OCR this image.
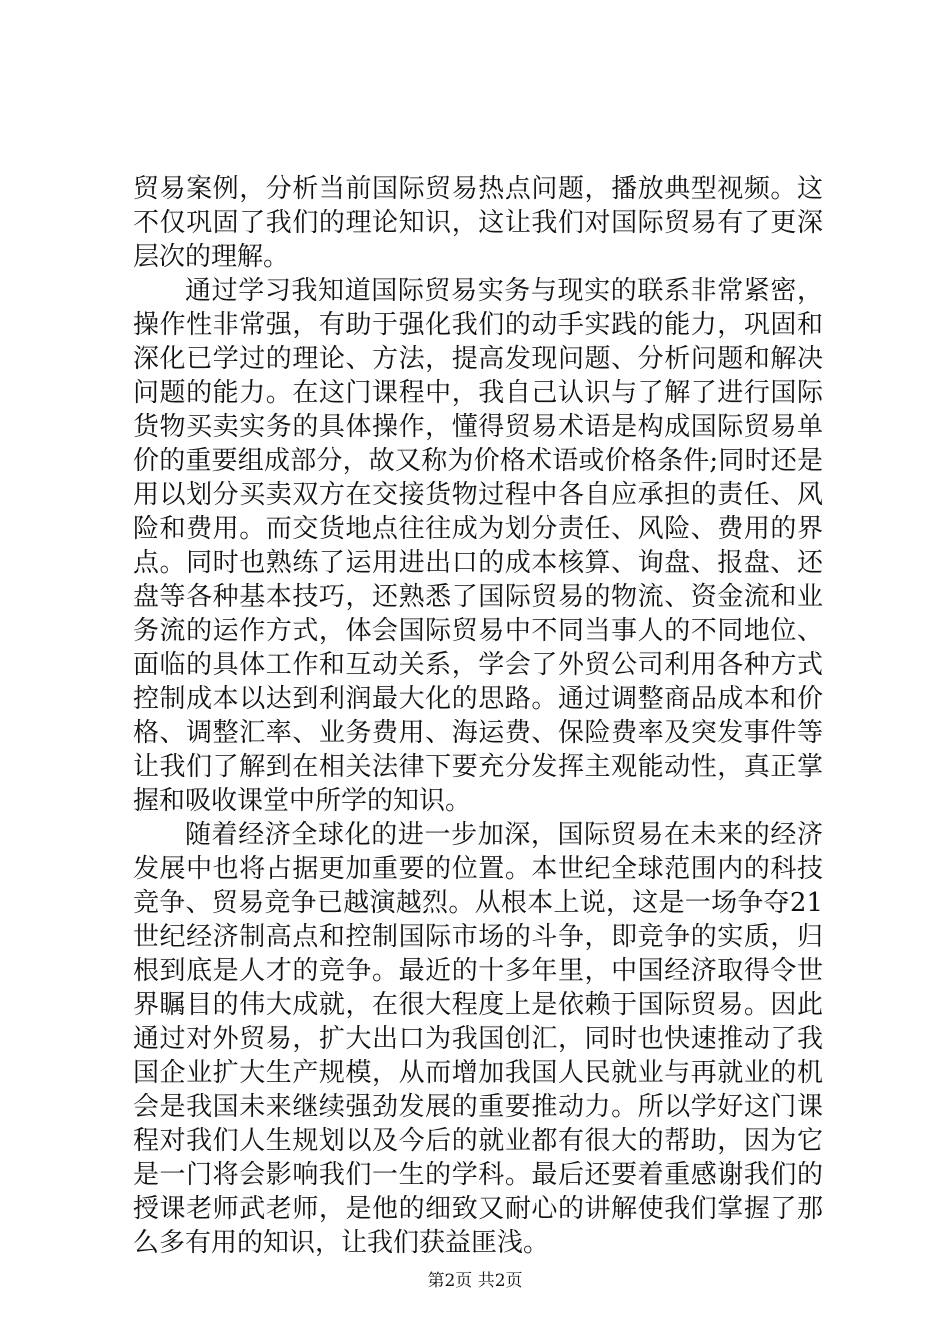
贸易案例，分析当前国际贸易热点问题，播放典型视频。这不仅巩固了我们的理论知识，这让我们对国际贸易有了更深层次的理解。

通过学习我知道国际贸易实务与现实的联系非常紧密，操作性非常强，有助于强化我们的动手实践的能力，巩固和深化已学过的理论、方法，提高发现问题、分析问题和解决问题的能力。在这门课程中，我自己认识与了解了进行国际货物买卖实务的具体操作，懂得贸易术语是构成国际贸易单价的重要组成部分，故又称为价格术语或价格条件;同时还是用以划分买卖双方在交接货物过程中各自应承担的责任、风险和费用。而交货地点往往成为划分责任、风险、费用的界点。同时也熟练了运用进出口的成本核算、询盘、报盘、还盘等各种基本技巧，还熟悉了国际贸易的物流、资金流和业务流的运作方式，体会国际贸易中不同当事人的不同地位、面临的具体工作和互动关系，学会了外贸公司利用各种方式控制成本以达到利润最大化的思路。通过调整商品成本和价格、调整汇率、业务费用、海运费、保险费率及突发事件等让我们了解到在相关法律下要充分发挥主观能动性，真正掌握和吸收课堂中所学的知识。

随着经济全球化的进一步加深，国际贸易在未来的经济发展中也将占据更加重要的位置。本世纪全球范围内的科技竞争、贸易竞争已越演越烈。从根本上说，这是一场争夺21世纪经济制高点和控制国际市场的斗争，即竞争的实质，归根到底是人才的竞争。最近的十多年里，中国经济取得令世界瞩目的伟大成就，在很大程度上是依赖于国际贸易。因此通过对外贸易，扩大出口为我国创汇，同时也快速推动了我国企业扩大生产规模，从而增加我国人民就业与再就业的机会是我国未来继续强劲发展的重要推动力。所以学好这门课程对我们人生规划以及今后的就业都有很大的帮助，因为它是一门将会影响我们一生的学科。最后还要着重感谢我们的授课老师武老师，是他的细致又耐心的讲解使我们掌握了那么多有用的知识，让我们获益匪浅。

第2页 共2页
